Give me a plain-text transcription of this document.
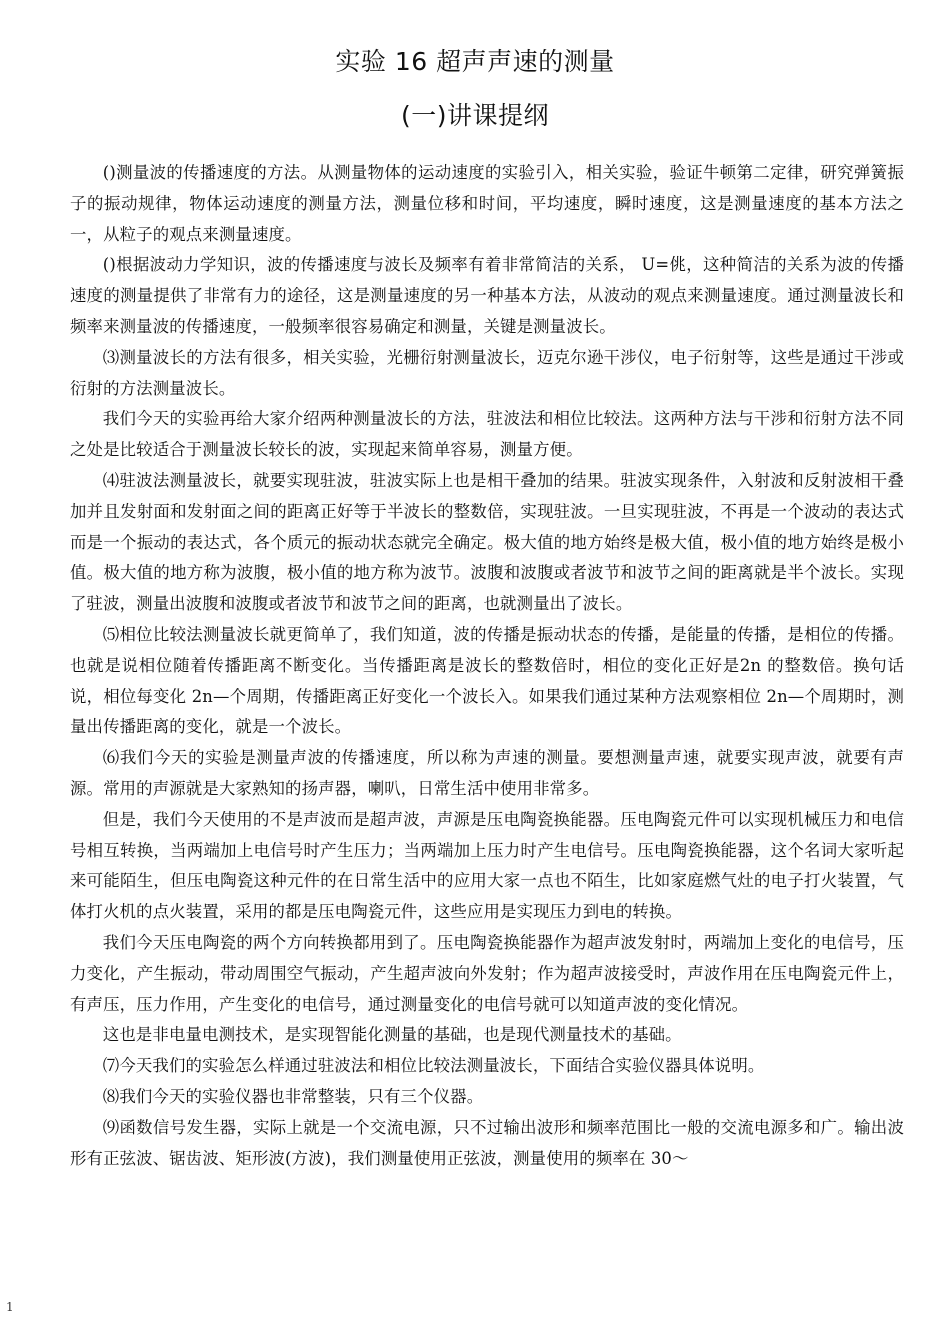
实验 16 超声声速的测量
(一)讲课提纲

()测量波的传播速度的方法。从测量物体的运动速度的实验引入，相关实验，验证牛顿第二定律，研究弹簧振子的振动规律，物体运动速度的测量方法，测量位移和时间，平均速度，瞬时速度，这是测量速度的基本方法之一，从粒子的观点来测量速度。

()根据波动力学知识，波的传播速度与波长及频率有着非常简洁的关系， U=佻，这种简洁的关系为波的传播速度的测量提供了非常有力的途径，这是测量速度的另一种基本方法，从波动的观点来测量速度。通过测量波长和频率来测量波的传播速度，一般频率很容易确定和测量，关键是测量波长。

⑶测量波长的方法有很多，相关实验，光栅衍射测量波长，迈克尔逊干涉仪，电子衍射等，这些是通过干涉或衍射的方法测量波长。

我们今天的实验再给大家介绍两种测量波长的方法，驻波法和相位比较法。这两种方法与干涉和衍射方法不同之处是比较适合于测量波长较长的波，实现起来简单容易，测量方便。

⑷驻波法测量波长，就要实现驻波，驻波实际上也是相干叠加的结果。驻波实现条件，入射波和反射波相干叠加并且发射面和发射面之间的距离正好等于半波长的整数倍，实现驻波。一旦实现驻波，不再是一个波动的表达式而是一个振动的表达式，各个质元的振动状态就完全确定。极大值的地方始终是极大值，极小值的地方始终是极小值。极大值的地方称为波腹，极小值的地方称为波节。波腹和波腹或者波节和波节之间的距离就是半个波长。实现了驻波，测量出波腹和波腹或者波节和波节之间的距离，也就测量出了波长。

⑸相位比较法测量波长就更简单了，我们知道，波的传播是振动状态的传播，是能量的传播，是相位的传播。也就是说相位随着传播距离不断变化。当传播距离是波长的整数倍时，相位的变化正好是2n 的整数倍。换句话说，相位每变化 2n—个周期，传播距离正好变化一个波长入。如果我们通过某种方法观察相位 2n—个周期时，测量出传播距离的变化，就是一个波长。

⑹我们今天的实验是测量声波的传播速度，所以称为声速的测量。要想测量声速，就要实现声波，就要有声源。常用的声源就是大家熟知的扬声器，喇叭，日常生活中使用非常多。

但是，我们今天使用的不是声波而是超声波，声源是压电陶瓷换能器。压电陶瓷元件可以实现机械压力和电信号相互转换，当两端加上电信号时产生压力；当两端加上压力时产生电信号。压电陶瓷换能器，这个名词大家听起来可能陌生，但压电陶瓷这种元件的在日常生活中的应用大家一点也不陌生，比如家庭燃气灶的电子打火装置，气体打火机的点火装置，采用的都是压电陶瓷元件，这些应用是实现压力到电的转换。

我们今天压电陶瓷的两个方向转换都用到了。压电陶瓷换能器作为超声波发射时，两端加上变化的电信号，压力变化，产生振动，带动周围空气振动，产生超声波向外发射；作为超声波接受时，声波作用在压电陶瓷元件上，有声压，压力作用，产生变化的电信号，通过测量变化的电信号就可以知道声波的变化情况。

这也是非电量电测技术，是实现智能化测量的基础，也是现代测量技术的基础。

⑺今天我们的实验怎么样通过驻波法和相位比较法测量波长，下面结合实验仪器具体说明。

⑻我们今天的实验仪器也非常整装，只有三个仪器。

⑼函数信号发生器，实际上就是一个交流电源，只不过输出波形和频率范围比一般的交流电源多和广。输出波形有正弦波、锯齿波、矩形波(方波)，我们测量使用正弦波，测量使用的频率在 30〜

1
